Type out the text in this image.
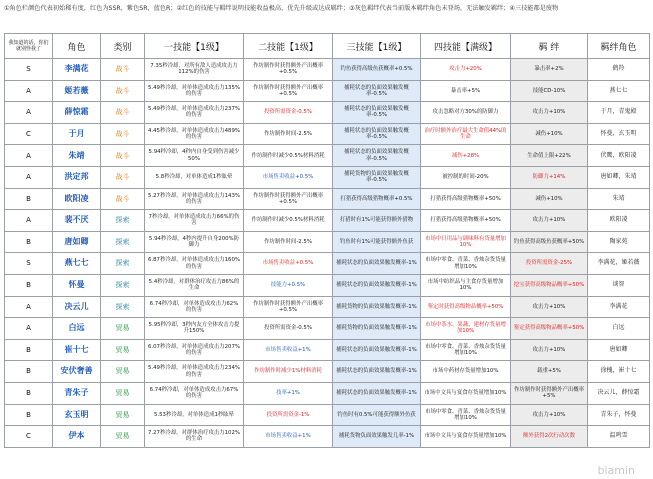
①角色栏颜色代表初始稀有度，红色为SSR，紫色SR，蓝色R；②红色的技能与羁绊说明技能收益极高，优先升级或达成羁绊；③灰色羁绊代表当前版本羁绊角色未登场，无法触发羁绊；④三技能都是废物
我知道的话，你们就别怪我了	角色	类别	一技能【1级】	二技能【1级】	三技能【1级】	四技能【满级】	羁 绊	羁绊角色
S	李满花	战斗	7.35秒冷却，对所有敌人造成攻击力112%的伤害	作坊制作时获得额外产出概率+0.5%	钓鱼获得高级鱼获概率+0.5%	攻击力+20%	暴击率+2%	鹤羚
A	姬若薇	战斗	5.49秒冷却，对单体造成攻击力135%的伤害	作坊制作时获得额外产出概率+0.5%	捕耗状态的负面效果触发概率-0.5%	暴击率+5%	技能CD-10%	燕七七
A	薛惊霜	战斗	5.49秒冷却，对单体造成攻击力237%的伤害	投资所需资金-0.5%	捕耗状态的负面效果触发概率-0.5%	攻击忽略对方30%的防御力	攻击力+10%	于月，青鬼殿
C	于月	战斗	4.45秒冷却，对单体造成攻击力489%的伤害	作坊制作时间-2.5%	捕耗状态的负面效果触发概率-0.5%	治疗时额外治疗最大生命值44%的生命	减伤+10%	怀曼，玄玉明
A	朱靖	战斗	5.94秒冷却，4秒内自身受到伤害减少50%	作坊制作时减少0.5%材料消耗	捕耗状态的负面效果触发概率-0.5%	减伤+28%	生命值上限+22%	伏鹰，欧阳凌
A	洪定邦	战斗	5.8秒冷却，对单体造成1秒眩晕	市场售卖收益+0.5%	捕耗货物的负面效果触发概率-0.5%	被控制的时间-20%	防御力+14%	唐如卿，朱靖
B	欧阳凌	战斗	5.27秒冷却，对单体造成攻击力143%的伤害	作坊制作时获得额外产出概率+0.5%	打猎获得高级猎物概率+0.5%	打猎获得高级猎物概率+50%	减伤+10%	朱靖
A	裴不厌	探索	7秒冷却，对单体造成攻击力66%的伤害	作坊制作时减少0.5%材料消耗	打猎时有1%可能获得额外猎物	打猎获得高级猎物概率+50%	攻击力+10%	欧阳凌
B	唐如卿	探索	5.94秒冷却，4秒内提升自身200%防御力	作坊制作时间-2.5%	钓鱼时有1%可能获得额外鱼获	市场中日用品与调味料有货量增加10%	钓鱼获得高级鱼获概率+50%	陶家苑
S	燕七七	探索	6.87秒冷却，对单体造成攻击力160%的伤害	市场售卖收益+0.5%	捕耗状态的负面效果触发概率-1%	市场中零食、青菜、香烛杂货货量增加10%	投资所需资金-25%	李满花，姬若薇
B	怀曼	探索	5.4秒冷却，对群体治疗攻击力86%的生命	技能力+0.5%	捕耗状态的负面效果触发概率-1%	市场中纺织品与主食存货量增加10%	挖宝获得高级物品概率+50%	谈智
A	决云儿	探索	6.74秒冷却，对单体造成攻击力62%的伤害	作坊制作时获得额外产出概率+0.5%	捕耗货物的负面效果触发概率-1%	鉴定时获得高级物品概率+50%	攻击力+10%	李满花
A	白远	贸易	5.95秒冷却，3秒内友方全体攻击力提升150%	投资所需资金-0.5%	捕耗货物的负面效果触发概率-1%	市场中茶水、果蔬、建材存货量增加10%	鉴定获得高级物品概率+50%	白远
B	崔十七	贸易	6.07秒冷却，对单体造成攻击力207%的伤害	市场售卖收益+1%	捕耗状态的负面效果触发概率-1%	市场中零食、青菜、香烛杂货货量增加10%	攻击力+10%	唐如卿
B	安伏奢善	贸易	5.49秒冷却，对单体造成攻击力234%的伤害	作坊制作时减少1%材料消耗	捕耗状态的负面效果触发概率-1%	市场中药材存货量增加10%	载重+5%	徐槐，崔十七
B	青朱子	贸易	6.74秒冷却，对单体造成攻击力67%的伤害	技率+1%	捕耗状态的负面效果触发概率-1%	市场中文具与宴食存货量增加10%	作坊制作时获得额外产出概率+5%	决云儿，薛惊霜
B	玄玉明	贸易	5.53秒冷却，对单体造成1秒眩晕	投资所需资金-1%	钓鱼时有0.5%可能获得额外鱼获	市场中零食、青菜、香烛杂货货量增加10%	攻击力+10%	青朱子，怀曼
C	伊本	贸易	7.27秒冷却，对群体治疗攻击力102%的生命	市场售卖收益+1%	捕耗货物负面效果触发几率-1%	市场中文具与宴食存货量增加10%	额外获得2次行动次数	温鸣雪
biamin
